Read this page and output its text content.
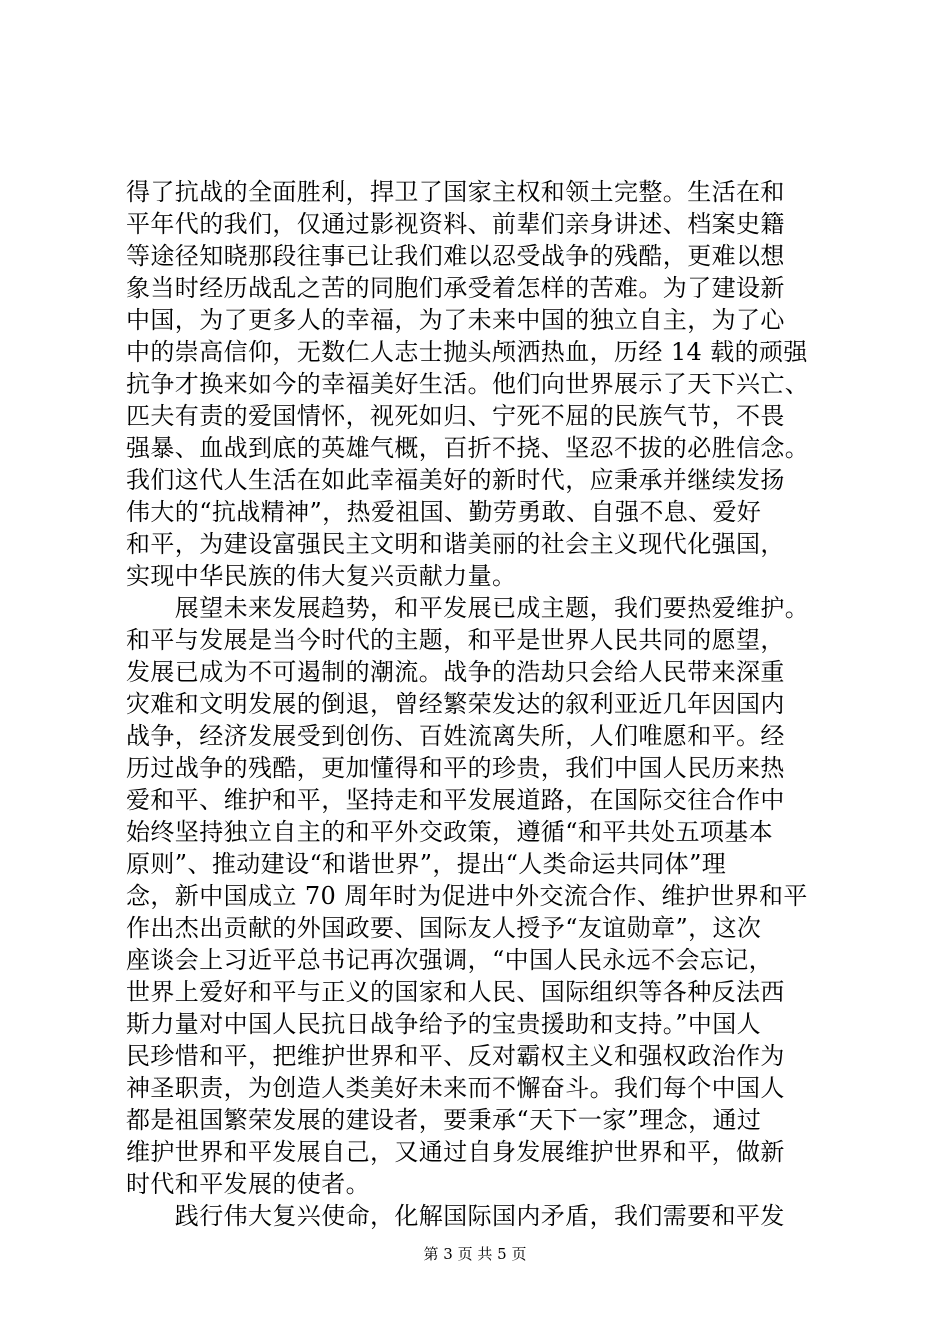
得了抗战的全面胜利，捍卫了国家主权和领土完整。生活在和
平年代的我们，仅通过影视资料、前辈们亲身讲述、档案史籍
等途径知晓那段往事已让我们难以忍受战争的残酷，更难以想
象当时经历战乱之苦的同胞们承受着怎样的苦难。为了建设新
中国，为了更多人的幸福，为了未来中国的独立自主，为了心
中的崇高信仰，无数仁人志士抛头颅洒热血，历经 14 载的顽强
抗争才换来如今的幸福美好生活。他们向世界展示了天下兴亡、
匹夫有责的爱国情怀，视死如归、宁死不屈的民族气节，不畏
强暴、血战到底的英雄气概，百折不挠、坚忍不拔的必胜信念。
我们这代人生活在如此幸福美好的新时代，应秉承并继续发扬
伟大的“抗战精神”，热爱祖国、勤劳勇敢、自强不息、爱好
和平，为建设富强民主文明和谐美丽的社会主义现代化强国，
实现中华民族的伟大复兴贡献力量。
　　展望未来发展趋势，和平发展已成主题，我们要热爱维护。
和平与发展是当今时代的主题，和平是世界人民共同的愿望，
发展已成为不可遏制的潮流。战争的浩劫只会给人民带来深重
灾难和文明发展的倒退，曾经繁荣发达的叙利亚近几年因国内
战争，经济发展受到创伤、百姓流离失所，人们唯愿和平。经
历过战争的残酷，更加懂得和平的珍贵，我们中国人民历来热
爱和平、维护和平，坚持走和平发展道路，在国际交往合作中
始终坚持独立自主的和平外交政策，遵循“和平共处五项基本
原则”、推动建设“和谐世界”，提出“人类命运共同体”理
念，新中国成立 70 周年时为促进中外交流合作、维护世界和平
作出杰出贡献的外国政要、国际友人授予“友谊勋章”，这次
座谈会上习近平总书记再次强调，“中国人民永远不会忘记，
世界上爱好和平与正义的国家和人民、国际组织等各种反法西
斯力量对中国人民抗日战争给予的宝贵援助和支持。”中国人
民珍惜和平，把维护世界和平、反对霸权主义和强权政治作为
神圣职责，为创造人类美好未来而不懈奋斗。我们每个中国人
都是祖国繁荣发展的建设者，要秉承“天下一家”理念，通过
维护世界和平发展自己，又通过自身发展维护世界和平，做新
时代和平发展的使者。
　　践行伟大复兴使命，化解国际国内矛盾，我们需要和平发
第 3 页 共 5 页
